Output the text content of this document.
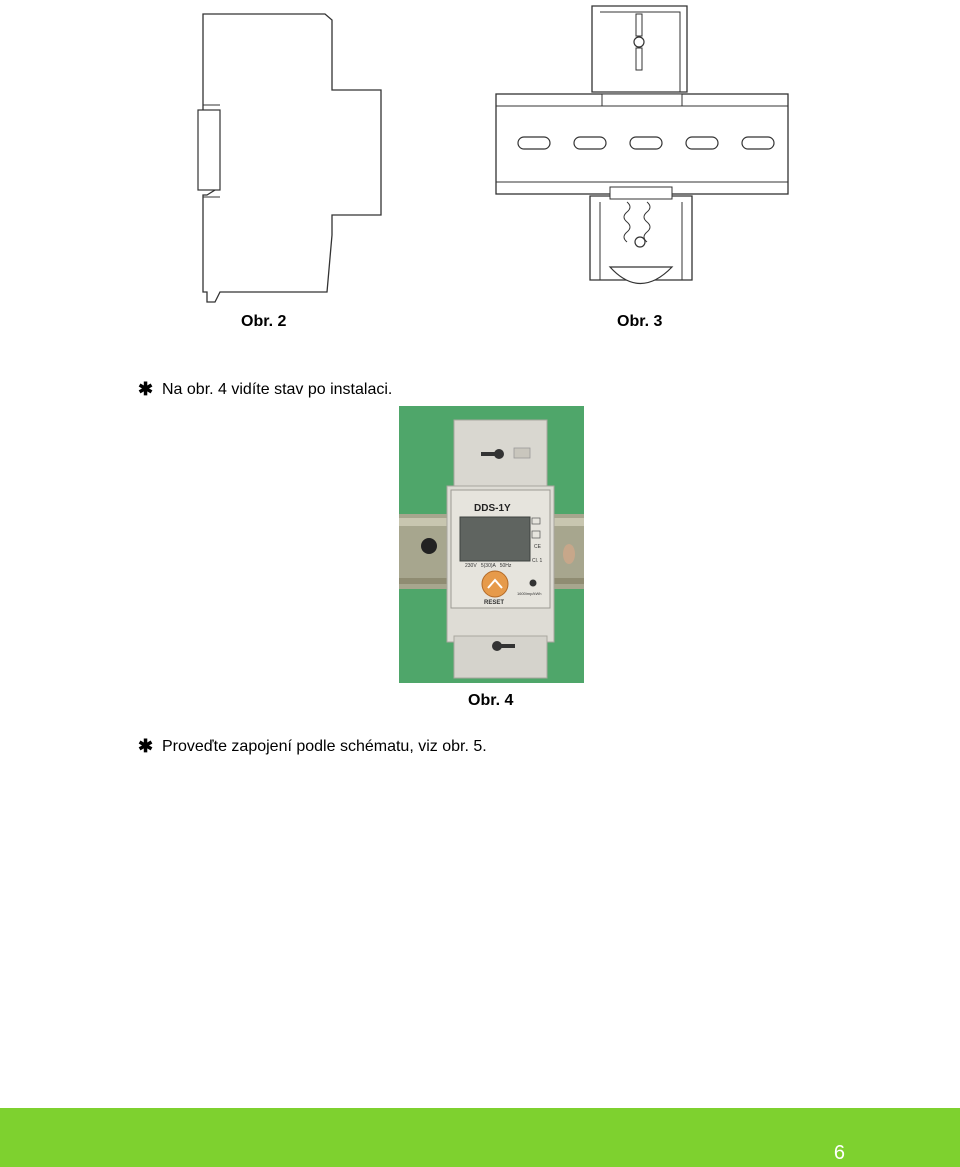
Obr. 2	Obr. 3
✱ Na obr. 4 vidíte stav po instalaci.
DDS-1Y
230V   5(30)A   50Hz
RESET
CE
Cl. 1
1600imp/kWh
Obr. 4
✱ Proveďte zapojení podle schématu, viz obr. 5.
6
